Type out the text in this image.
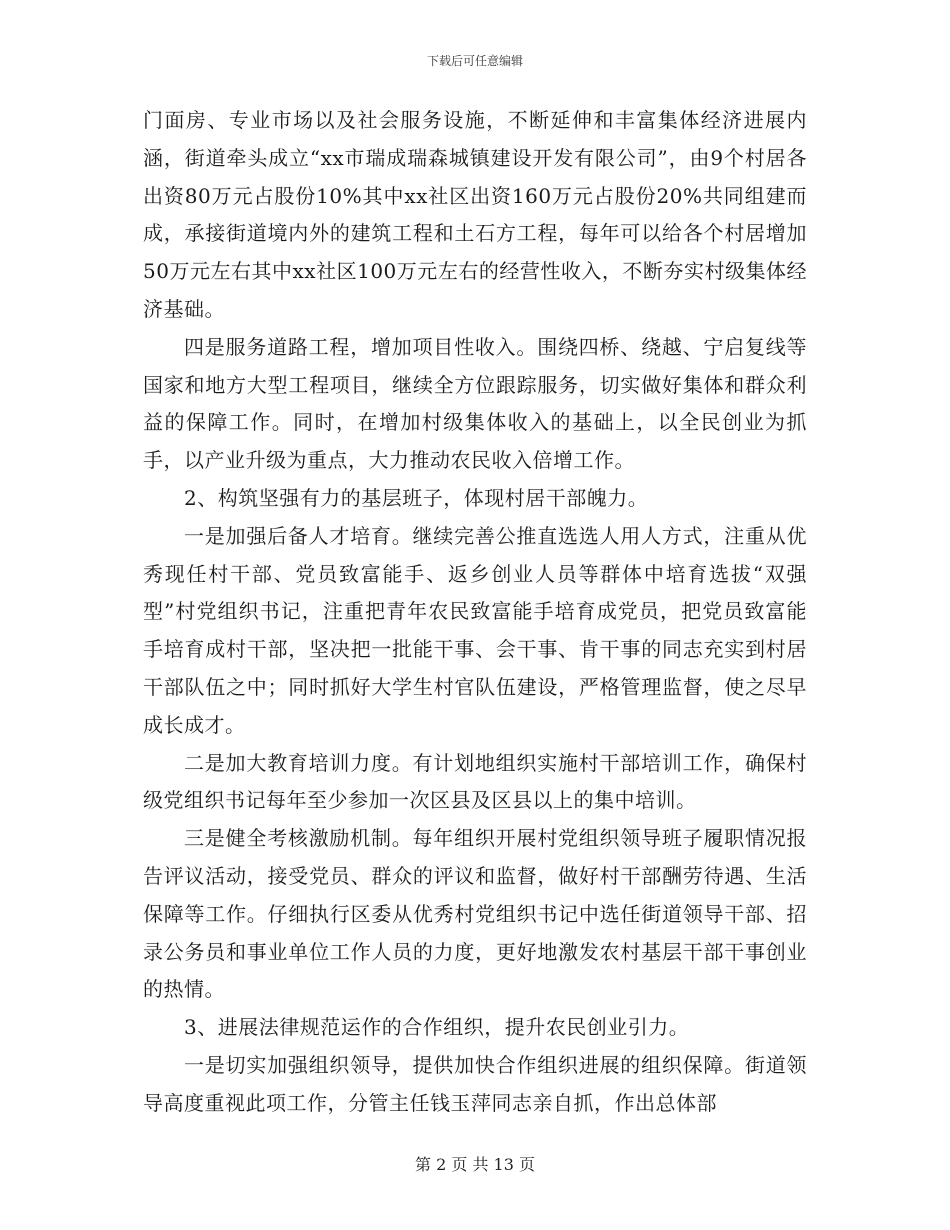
下载后可任意编辑

门面房、专业市场以及社会服务设施，不断延伸和丰富集体经济进展内涵，街道牵头成立“xx市瑞成瑞森城镇建设开发有限公司”，由9个村居各出资80万元占股份10%其中xx社区出资160万元占股份20%共同组建而成，承接街道境内外的建筑工程和土石方工程，每年可以给各个村居增加50万元左右其中xx社区100万元左右的经营性收入，不断夯实村级集体经济基础。

四是服务道路工程，增加项目性收入。围绕四桥、绕越、宁启复线等国家和地方大型工程项目，继续全方位跟踪服务，切实做好集体和群众利益的保障工作。同时，在增加村级集体收入的基础上，以全民创业为抓手，以产业升级为重点，大力推动农民收入倍增工作。

2、构筑坚强有力的基层班子，体现村居干部魄力。

一是加强后备人才培育。继续完善公推直选选人用人方式，注重从优秀现任村干部、党员致富能手、返乡创业人员等群体中培育选拔“双强型”村党组织书记，注重把青年农民致富能手培育成党员，把党员致富能手培育成村干部，坚决把一批能干事、会干事、肯干事的同志充实到村居干部队伍之中；同时抓好大学生村官队伍建设，严格管理监督，使之尽早成长成才。

二是加大教育培训力度。有计划地组织实施村干部培训工作，确保村级党组织书记每年至少参加一次区县及区县以上的集中培训。

三是健全考核激励机制。每年组织开展村党组织领导班子履职情况报告评议活动，接受党员、群众的评议和监督，做好村干部酬劳待遇、生活保障等工作。仔细执行区委从优秀村党组织书记中选任街道领导干部、招录公务员和事业单位工作人员的力度，更好地激发农村基层干部干事创业的热情。

3、进展法律规范运作的合作组织，提升农民创业引力。

一是切实加强组织领导，提供加快合作组织进展的组织保障。街道领导高度重视此项工作，分管主任钱玉萍同志亲自抓，作出总体部

第 2 页 共 13 页
